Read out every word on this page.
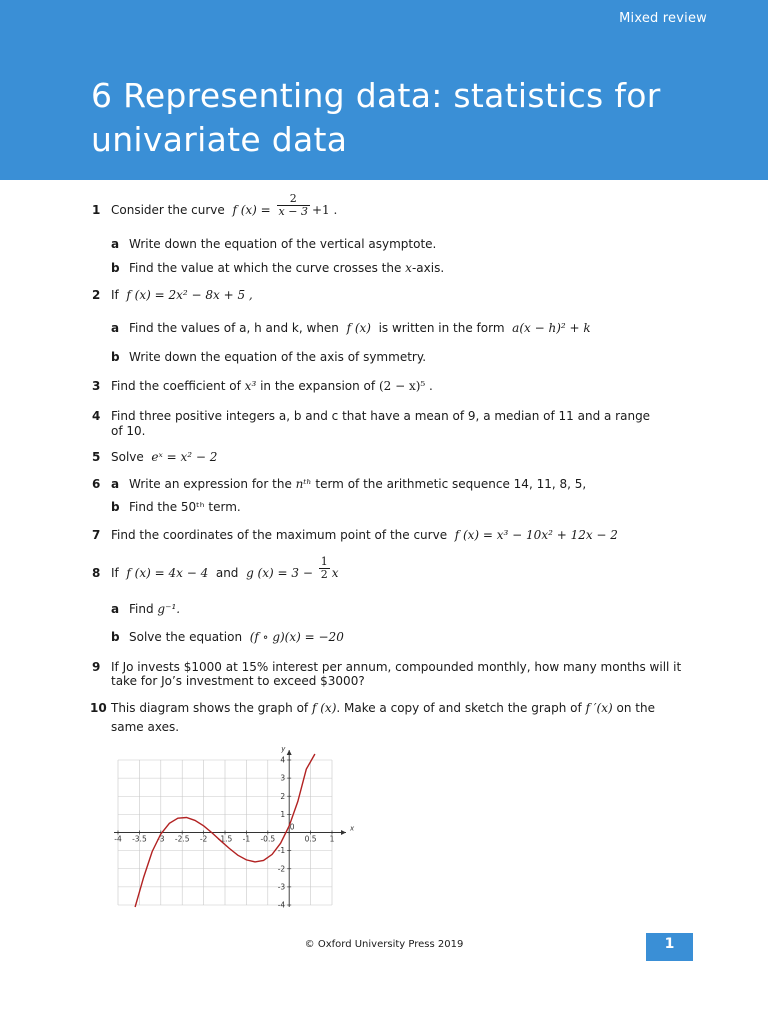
Mixed review
6 Representing data: statistics for
univariate data
1 Consider the curve f $(x) = \frac{2}{x - 3} +1$ .
a Write down the equation of the vertical asymptote.
b Find the value at which the curve crosses the x-axis.
2 If f (x) = 2x² − 8x + 5 ,
a Find the values of a, h and k, when f (x) is written in the form a(x − h)² + k
b Write down the equation of the axis of symmetry.
3 Find the coefficient of x³ in the expansion of (2 − x)⁵ .
4 Find three positive integers a, b and c that have a mean of 9, a median of 11 and a range of 10.
5 Solve eˣ = x² − 2
6 a Write an expression for the nᵗʰ term of the arithmetic sequence 14, 11, 8, 5,
b Find the 50ᵗʰ term.
7 Find the coordinates of the maximum point of the curve f (x) = x³ − 10x² + 12x − 2
8 If f (x) = 4x − 4 and g $(x) = 3 - \frac{1}{2}$ x
a Find g⁻¹.
b Solve the equation (f ∘ g)(x) = −20
9 If Jo invests $1000 at 15% interest per annum, compounded monthly, how many months will it
take for Jo’s investment to exceed $3000?
10 This diagram shows the graph of f (x). Make a copy of and sketch the graph of f ′(x) on the
same axes.
x
y
-4 -3.5 -3 -2.5 -2 -1.5 -1 -0.5
0
0.5 1
4
3
2
1
-1
-2
-3
-4
© Oxford University Press 2019	1
